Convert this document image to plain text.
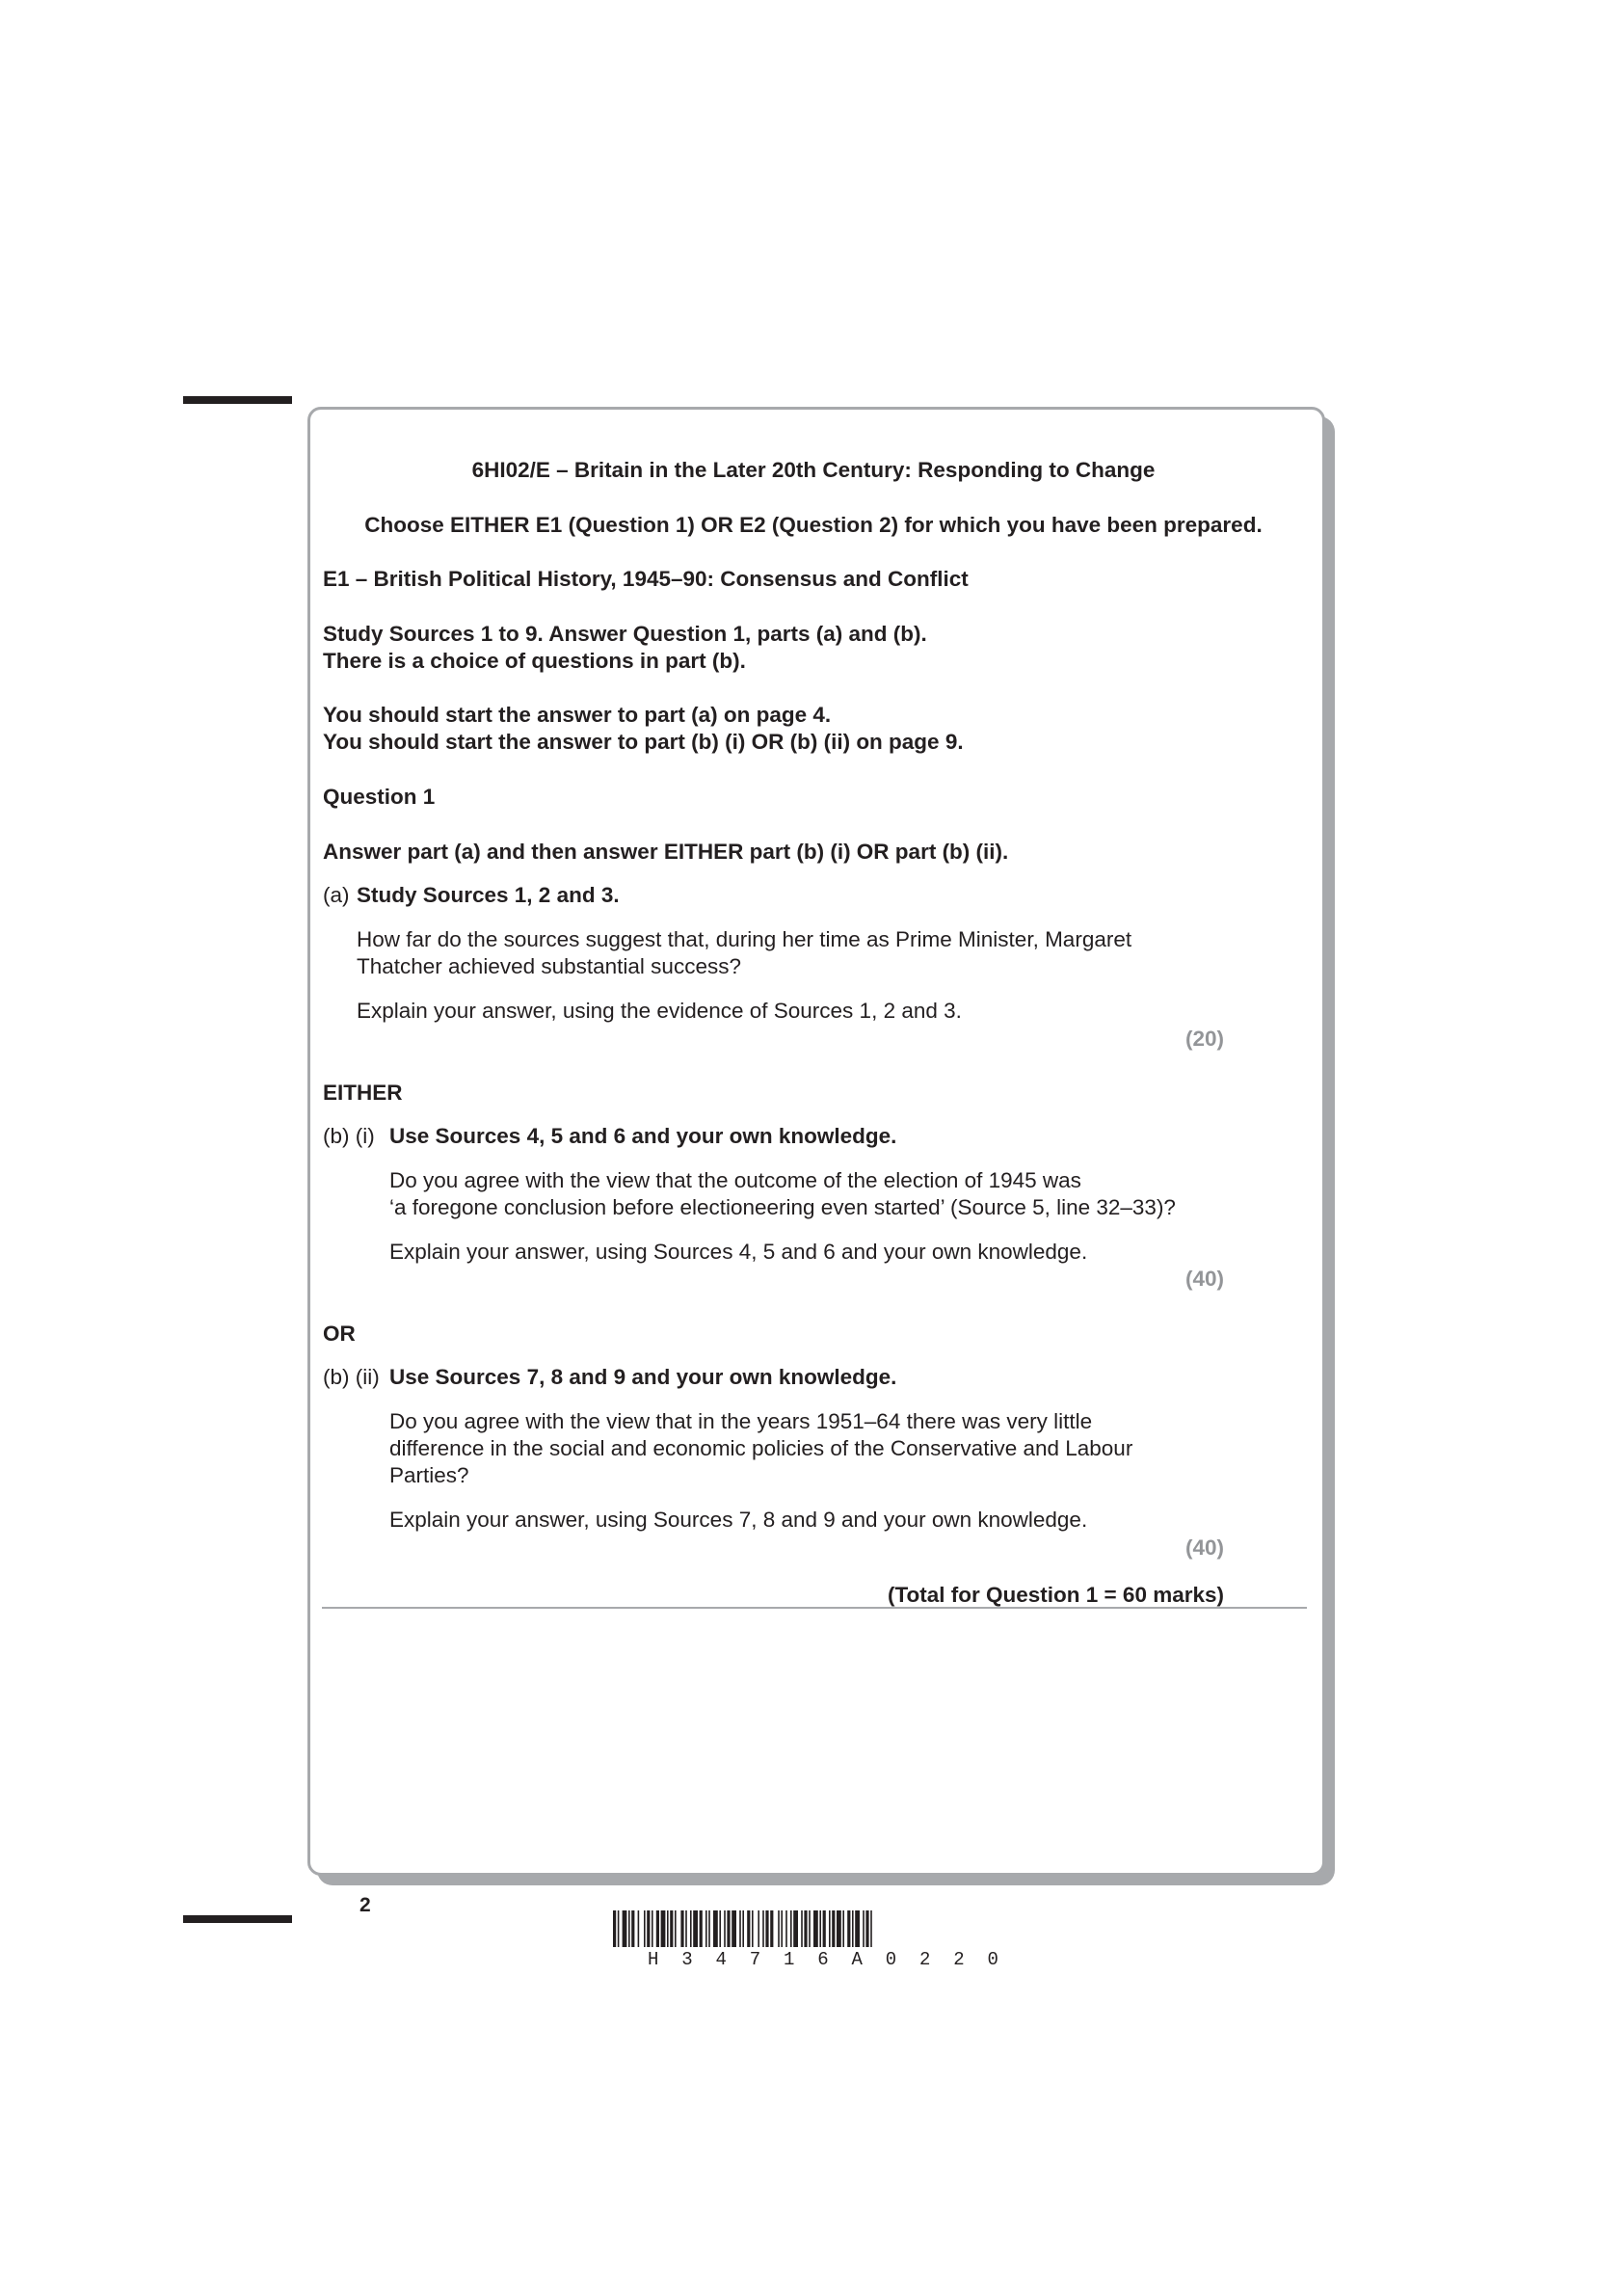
6HI02/E – Britain in the Later 20th Century: Responding to Change
Choose EITHER E1 (Question 1) OR E2 (Question 2) for which you have been prepared.
E1 – British Political History, 1945–90: Consensus and Conflict
Study Sources 1 to 9. Answer Question 1, parts (a) and (b).
There is a choice of questions in part (b).
You should start the answer to part (a) on page 4.
You should start the answer to part (b) (i) OR (b) (ii) on page 9.
Question 1
Answer part (a) and then answer EITHER part (b) (i) OR part (b) (ii).
(a) Study Sources 1, 2 and 3.
How far do the sources suggest that, during her time as Prime Minister, Margaret
Thatcher achieved substantial success?
Explain your answer, using the evidence of Sources 1, 2 and 3.
(20)
EITHER
(b) (i) Use Sources 4, 5 and 6 and your own knowledge.
Do you agree with the view that the outcome of the election of 1945 was
‘a foregone conclusion before electioneering even started’ (Source 5, line 32–33)?
Explain your answer, using Sources 4, 5 and 6 and your own knowledge.
(40)
OR
(b) (ii) Use Sources 7, 8 and 9 and your own knowledge.
Do you agree with the view that in the years 1951–64 there was very little
difference in the social and economic policies of the Conservative and Labour
Parties?
Explain your answer, using Sources 7, 8 and 9 and your own knowledge.
(40)
(Total for Question 1 = 60 marks)
2
H 3 4 7 1 6 A 0 2 2 0
